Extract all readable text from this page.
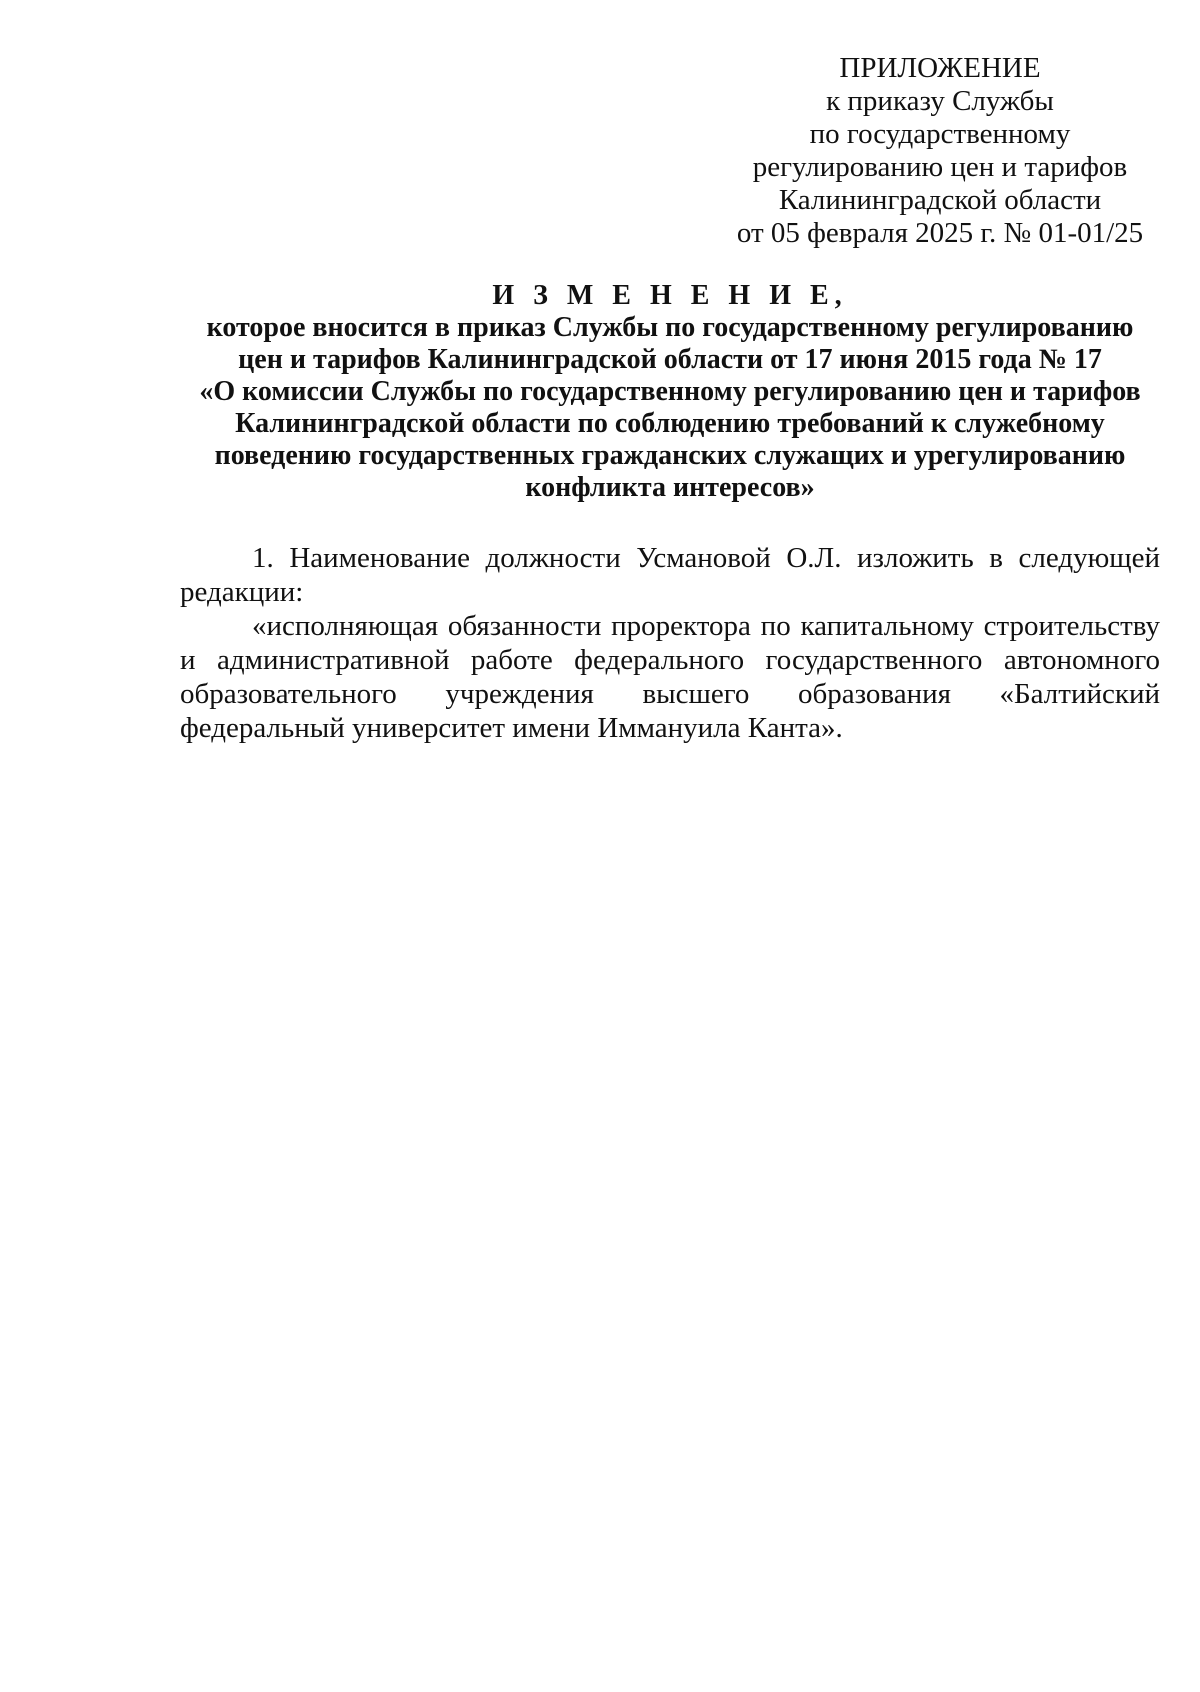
ПРИЛОЖЕНИЕ
к приказу Службы
по государственному
регулированию цен и тарифов
Калининградской области
от 05 февраля 2025 г. № 01-01/25
И З М Е Н Е Н И Е,
которое вносится в приказ Службы по государственному регулированию
цен и тарифов Калининградской области от 17 июня 2015 года № 17
«О комиссии Службы по государственному регулированию цен и тарифов
Калининградской области по соблюдению требований к служебному
поведению государственных гражданских служащих и урегулированию
конфликта интересов»

1. Наименование должности Усмановой О.Л. изложить в следующей редакции:

«исполняющая обязанности проректора по капитальному строительству и административной работе федерального государственного автономного образовательного учреждения высшего образования «Балтийский федеральный университет имени Иммануила Канта».
